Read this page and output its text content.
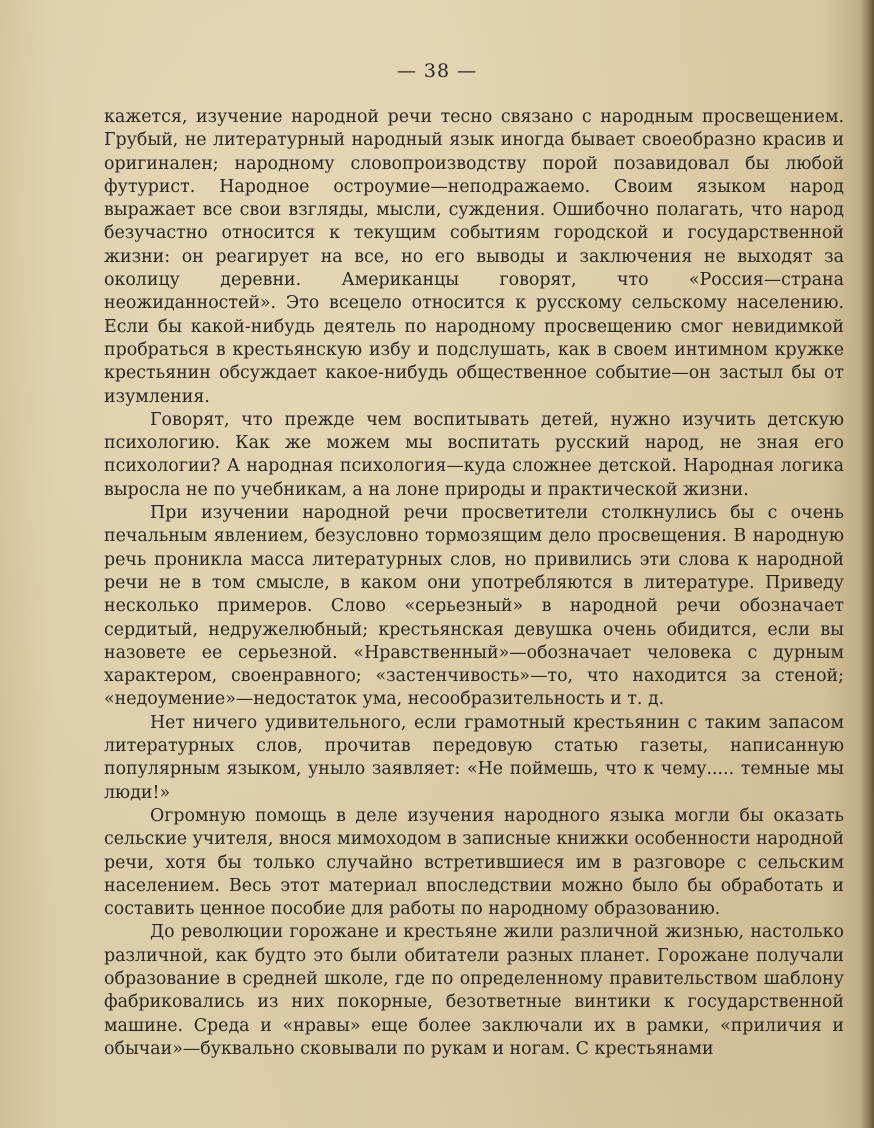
— 38 —

кажется, изучение народной речи тесно связано с народным просвещением. Грубый, не литературный народный язык иногда бывает своеобразно красив и оригинален; народному словопроизводству порой позавидовал бы любой футурист. Народное остроумие—неподражаемо. Своим языком народ выражает все свои взгляды, мысли, суждения. Ошибочно полагать, что народ безучастно относится к текущим событиям городской и государственной жизни: он реагирует на все, но его выводы и заключения не выходят за околицу деревни. Американцы говорят, что «Россия—страна неожиданностей». Это всецело относится к русскому сельскому населению. Если бы какой-нибудь деятель по народному просвещению смог невидимкой пробраться в крестьянскую избу и подслушать, как в своем интимном кружке крестьянин обсуждает какое-нибудь общественное событие—он застыл бы от изумления.

Говорят, что прежде чем воспитывать детей, нужно изучить детскую психологию. Как же можем мы воспитать русский народ, не зная его психологии? А народная психология—куда сложнее детской. Народная логика выросла не по учебникам, а на лоне природы и практической жизни.

При изучении народной речи просветители столкнулись бы с очень печальным явлением, безусловно тормозящим дело просвещения. В народную речь проникла масса литературных слов, но привились эти слова к народной речи не в том смысле, в каком они употребляются в литературе. Приведу несколько примеров. Слово «серьезный» в народной речи обозначает сердитый, недружелюбный; крестьянская девушка очень обидится, если вы назовете ее серьезной. «Нравственный»—обозначает человека с дурным характером, своенравного; «застенчивость»—то, что находится за стеной; «недоумение»—недостаток ума, несообразительность и т. д.

Нет ничего удивительного, если грамотный крестьянин с таким запасом литературных слов, прочитав передовую статью газеты, написанную популярным языком, уныло заявляет: «Не поймешь, что к чему..... темные мы люди!»

Огромную помощь в деле изучения народного языка могли бы оказать сельские учителя, внося мимоходом в записные книжки особенности народной речи, хотя бы только случайно встретившиеся им в разговоре с сельским населением. Весь этот материал впоследствии можно было бы обработать и составить ценное пособие для работы по народному образованию.

До революции горожане и крестьяне жили различной жизнью, настолько различной, как будто это были обитатели разных планет. Горожане получали образование в средней школе, где по определенному правительством шаблону фабриковались из них покорные, безответные винтики к государственной машине. Среда и «нравы» еще более заключали их в рамки, «приличия и обычаи»—буквально сковывали по рукам и ногам. С крестьянами
